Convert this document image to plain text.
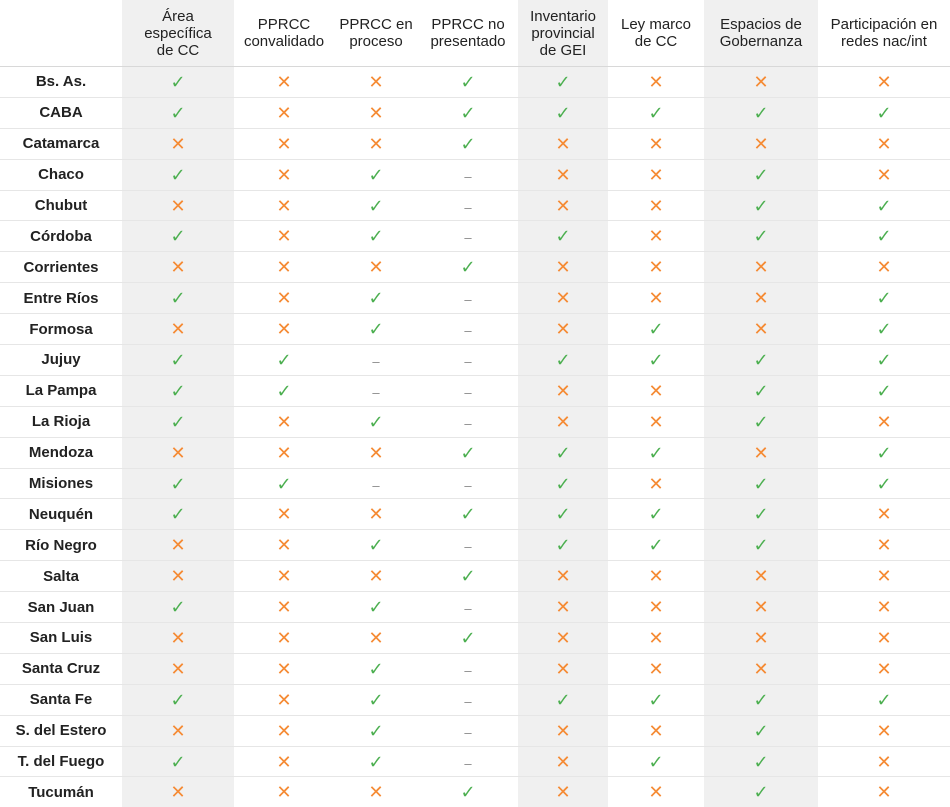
	Área
específica
de CC	PPRCC
convalidado	PPRCC en
proceso	PPRCC no
presentado	Inventario
provincial
de GEI	Ley marco
de CC	Espacios de
Gobernanza	Participación en
redes nac/int
Bs. As.	✓	✕	✕	✓	✓	✕	✕	✕
CABA	✓	✕	✕	✓	✓	✓	✓	✓
Catamarca	✕	✕	✕	✓	✕	✕	✕	✕
Chaco	✓	✕	✓	–	✕	✕	✓	✕
Chubut	✕	✕	✓	–	✕	✕	✓	✓
Córdoba	✓	✕	✓	–	✓	✕	✓	✓
Corrientes	✕	✕	✕	✓	✕	✕	✕	✕
Entre Ríos	✓	✕	✓	–	✕	✕	✕	✓
Formosa	✕	✕	✓	–	✕	✓	✕	✓
Jujuy	✓	✓	–	–	✓	✓	✓	✓
La Pampa	✓	✓	–	–	✕	✕	✓	✓
La Rioja	✓	✕	✓	–	✕	✕	✓	✕
Mendoza	✕	✕	✕	✓	✓	✓	✕	✓
Misiones	✓	✓	–	–	✓	✕	✓	✓
Neuquén	✓	✕	✕	✓	✓	✓	✓	✕
Río Negro	✕	✕	✓	–	✓	✓	✓	✕
Salta	✕	✕	✕	✓	✕	✕	✕	✕
San Juan	✓	✕	✓	–	✕	✕	✕	✕
San Luis	✕	✕	✕	✓	✕	✕	✕	✕
Santa Cruz	✕	✕	✓	–	✕	✕	✕	✕
Santa Fe	✓	✕	✓	–	✓	✓	✓	✓
S. del Estero	✕	✕	✓	–	✕	✕	✓	✕
T. del Fuego	✓	✕	✓	–	✕	✓	✓	✕
Tucumán	✕	✕	✕	✓	✕	✕	✓	✕
